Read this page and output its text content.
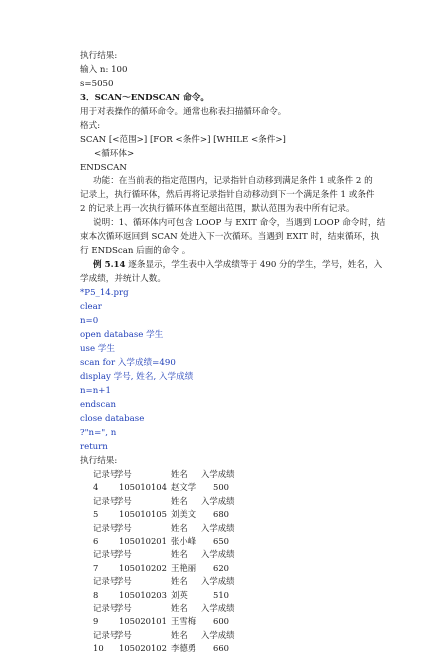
执行结果:
输入 n: 100
s=5050
3．SCAN～ENDSCAN 命令。
用于对表操作的循环命令。通常也称表扫描循环命令。
格式:
SCAN [<范围>] [FOR <条件>] [WHILE <条件>]
<循环体>
ENDSCAN
功能：在当前表的指定范围内，记录指针自动移到满足条件 1 或条件 2 的
记录上，执行循环体，然后再将记录指针自动移动到下一个满足条件 1 或条件
2 的记录上再一次执行循环体直至超出范围，默认范围为表中所有记录。
说明：1、循环体内可包含 LOOP 与 EXIT 命令，当遇到 LOOP 命令时，结
束本次循环返回到 SCAN 处进入下一次循环。当遇到 EXIT 时，结束循环，执
行 ENDScan 后面的命令 。
例 5.14 逐条显示，学生表中入学成绩等于 490 分的学生，学号，姓名，入
学成绩，并统计人数。
*P5_14.prg
clear
n=0
open database 学生
use 学生
scan for 入学成绩=490
display 学号, 姓名, 入学成绩
n=n+1
endscan
close database
?"n=", n
return
执行结果:
记录号
学号	姓名 入学成绩
4 105010104 赵文学 500
记录号
学号	姓名 入学成绩
5 105010105 刘美文 680
记录号
学号	姓名 入学成绩
6 105010201 张小峰 650
记录号
学号	姓名 入学成绩
7 105010202 王艳丽 620
记录号
学号	姓名 入学成绩
8 105010203 刘英	510
记录号
学号	姓名 入学成绩
9 105020101 王雪梅 600
记录号
学号	姓名 入学成绩
10 105020102 李德勇 660
